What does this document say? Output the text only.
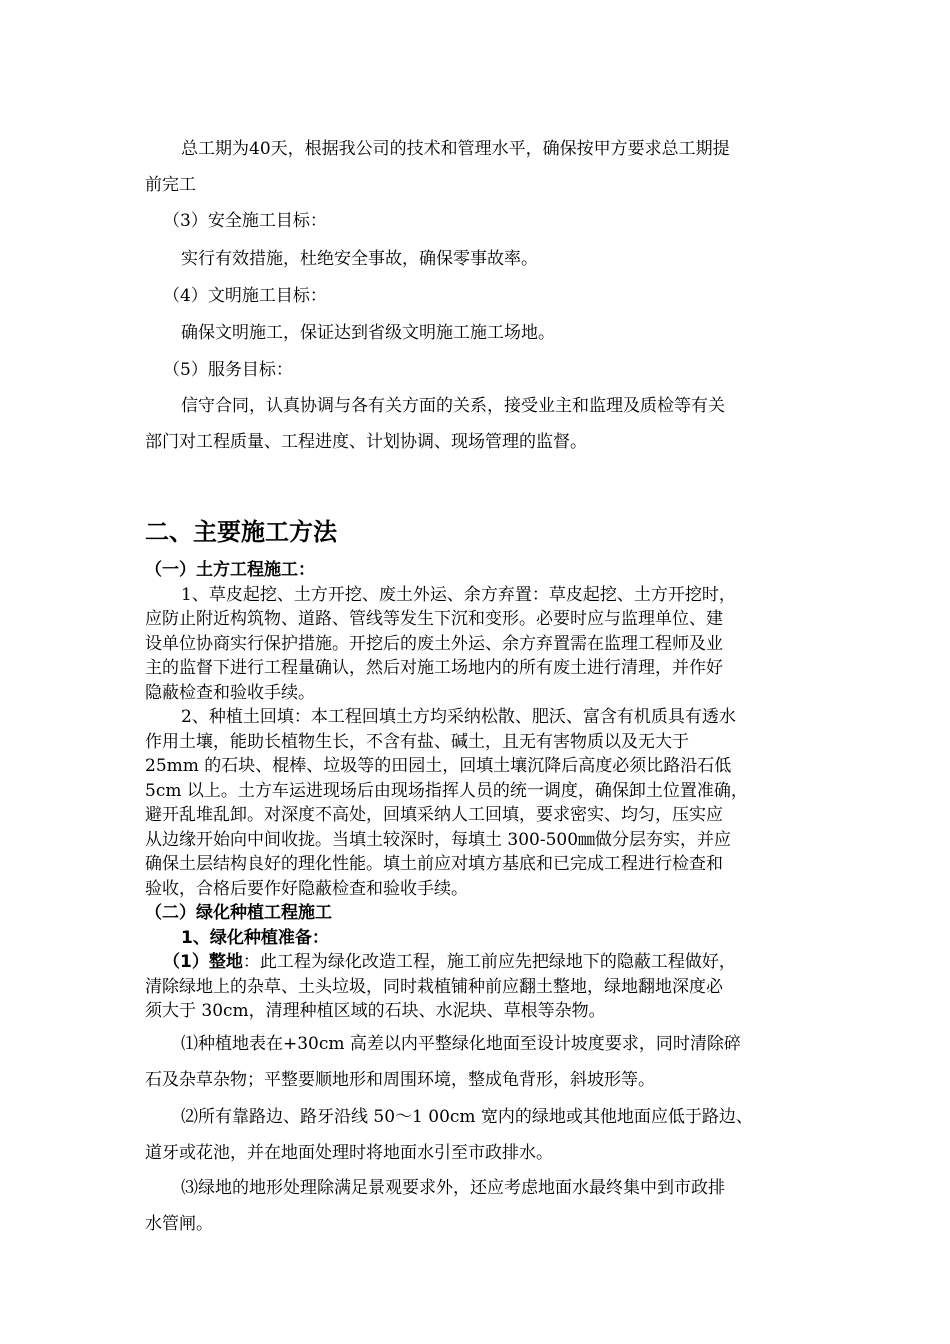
总工期为40天，根据我公司的技术和管理水平，确保按甲方要求总工期提
前完工

（3）安全施工目标：

实行有效措施，杜绝安全事故，确保零事故率。

（4）文明施工目标：

确保文明施工，保证达到省级文明施工施工场地。

（5）服务目标：

信守合同，认真协调与各有关方面的关系，接受业主和监理及质检等有关
部门对工程质量、工程进度、计划协调、现场管理的监督。

二、主要施工方法

（一）土方工程施工：
1、草皮起挖、土方开挖、废土外运、余方弃置：草皮起挖、土方开挖时，
应防止附近构筑物、道路、管线等发生下沉和变形。必要时应与监理单位、建
设单位协商实行保护措施。开挖后的废土外运、余方弃置需在监理工程师及业
主的监督下进行工程量确认，然后对施工场地内的所有废土进行清理，并作好
隐蔽检查和验收手续。
2、种植土回填：本工程回填土方均采纳松散、肥沃、富含有机质具有透水
作用土壤，能助长植物生长，不含有盐、碱土，且无有害物质以及无大于
25mm 的石块、棍棒、垃圾等的田园土，回填土壤沉降后高度必须比路沿石低
5cm 以上。土方车运进现场后由现场指挥人员的统一调度，确保卸土位置准确，
避开乱堆乱卸。对深度不高处，回填采纳人工回填，要求密实、均匀，压实应
从边缘开始向中间收拢。当填土较深时，每填土 300-500㎜做分层夯实，并应
确保土层结构良好的理化性能。填土前应对填方基底和已完成工程进行检查和
验收，合格后要作好隐蔽检查和验收手续。
（二）绿化种植工程施工
1、绿化种植准备：
（1）整地：此工程为绿化改造工程，施工前应先把绿地下的隐蔽工程做好，
清除绿地上的杂草、土头垃圾，同时栽植铺种前应翻土整地，绿地翻地深度必
须大于 30cm，清理种植区域的石块、水泥块、草根等杂物。

⑴种植地表在+30cm 高差以内平整绿化地面至设计坡度要求，同时清除碎
石及杂草杂物；平整要顺地形和周围环境，整成龟背形，斜坡形等。

⑵所有靠路边、路牙沿线 50～1 00cm 宽内的绿地或其他地面应低于路边、
道牙或花池，并在地面处理时将地面水引至市政排水。

⑶绿地的地形处理除满足景观要求外，还应考虑地面水最终集中到市政排
水管闸。
